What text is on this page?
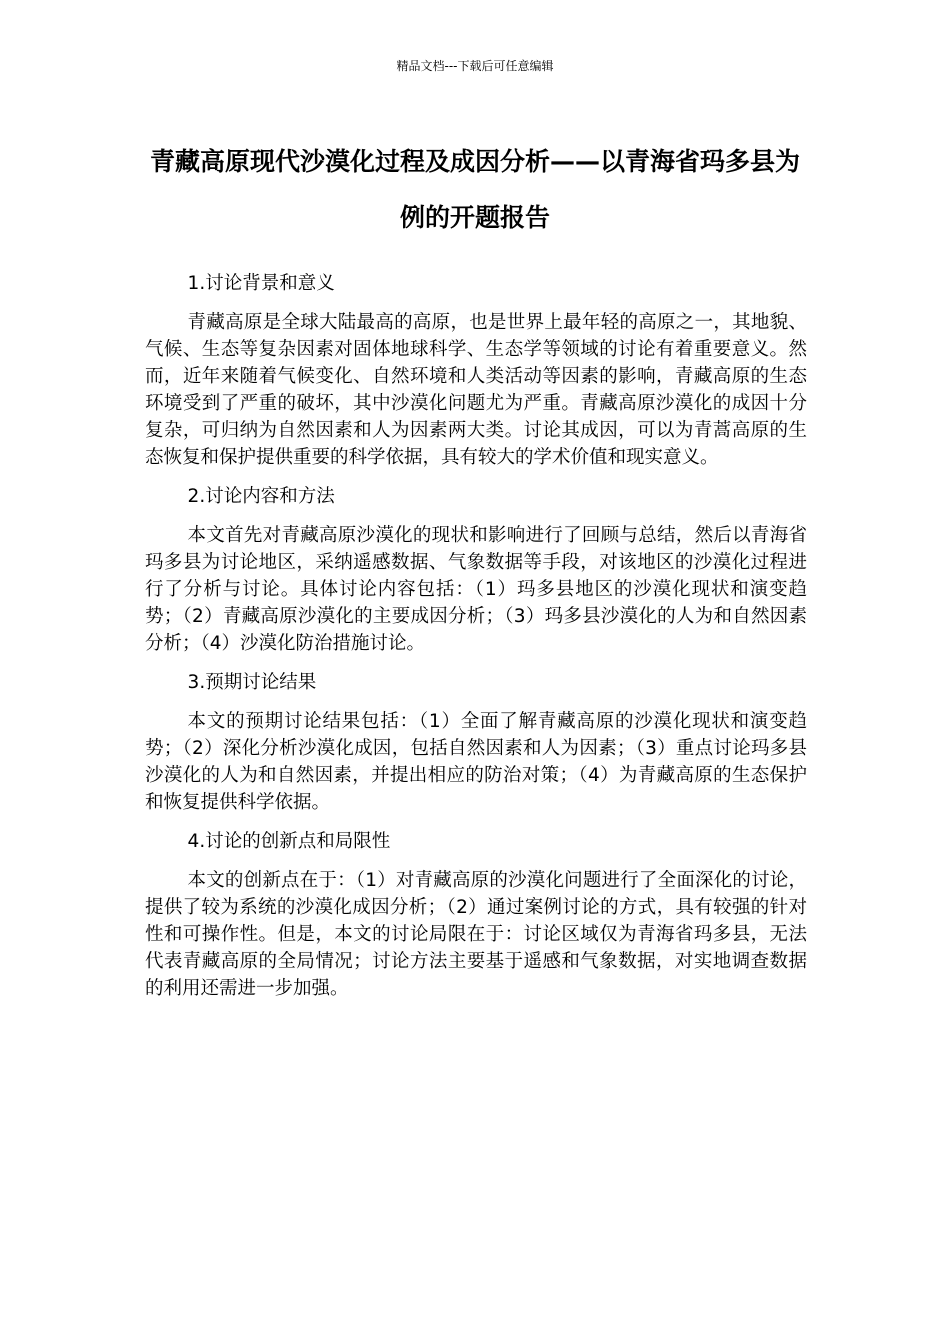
精品文档---下载后可任意编辑
青藏高原现代沙漠化过程及成因分析——以青海省玛多县为例的开题报告

1.讨论背景和意义

青藏高原是全球大陆最高的高原，也是世界上最年轻的高原之一，其地貌、气候、生态等复杂因素对固体地球科学、生态学等领域的讨论有着重要意义。然而，近年来随着气候变化、自然环境和人类活动等因素的影响，青藏高原的生态环境受到了严重的破坏，其中沙漠化问题尤为严重。青藏高原沙漠化的成因十分复杂，可归纳为自然因素和人为因素两大类。讨论其成因，可以为青蒿高原的生态恢复和保护提供重要的科学依据，具有较大的学术价值和现实意义。

2.讨论内容和方法

本文首先对青藏高原沙漠化的现状和影响进行了回顾与总结，然后以青海省玛多县为讨论地区，采纳遥感数据、气象数据等手段，对该地区的沙漠化过程进行了分析与讨论。具体讨论内容包括：（1）玛多县地区的沙漠化现状和演变趋势；（2）青藏高原沙漠化的主要成因分析；（3）玛多县沙漠化的人为和自然因素分析；（4）沙漠化防治措施讨论。

3.预期讨论结果

本文的预期讨论结果包括：（1）全面了解青藏高原的沙漠化现状和演变趋势；（2）深化分析沙漠化成因，包括自然因素和人为因素；（3）重点讨论玛多县沙漠化的人为和自然因素，并提出相应的防治对策；（4）为青藏高原的生态保护和恢复提供科学依据。

4.讨论的创新点和局限性

本文的创新点在于：（1）对青藏高原的沙漠化问题进行了全面深化的讨论，提供了较为系统的沙漠化成因分析；（2）通过案例讨论的方式，具有较强的针对性和可操作性。但是，本文的讨论局限在于：讨论区域仅为青海省玛多县，无法代表青藏高原的全局情况；讨论方法主要基于遥感和气象数据，对实地调查数据的利用还需进一步加强。
